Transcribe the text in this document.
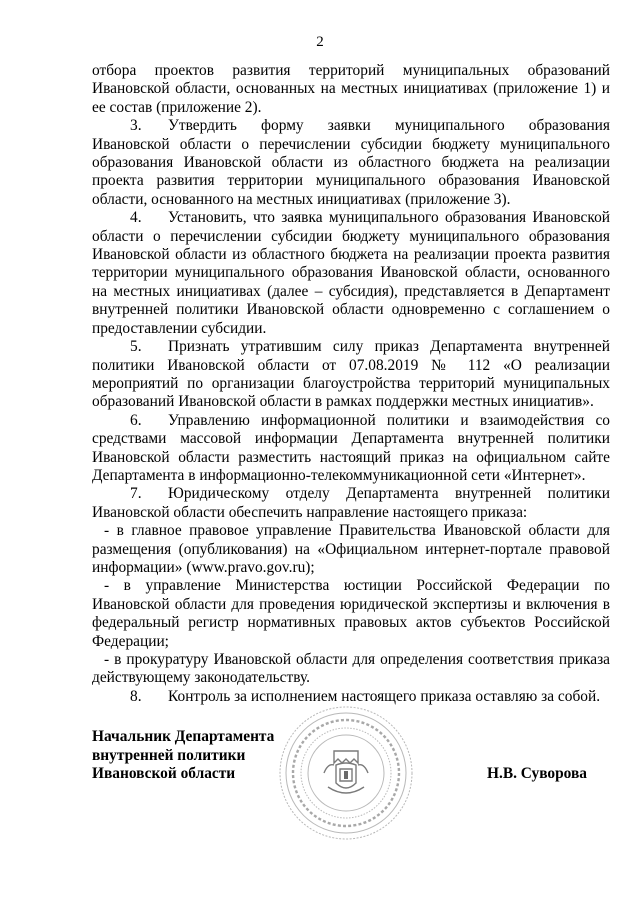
2

отбора проектов развития территорий муниципальных образований Ивановской области, основанных на местных инициативах (приложение 1) и ее состав (приложение 2).

3. Утвердить форму заявки муниципального образования Ивановской области о перечислении субсидии бюджету муниципального образования Ивановской области из областного бюджета на реализации проекта развития территории муниципального образования Ивановской области, основанного на местных инициативах (приложение 3).

4. Установить, что заявка муниципального образования Ивановской области о перечислении субсидии бюджету муниципального образования Ивановской области из областного бюджета на реализации проекта развития территории муниципального образования Ивановской области, основанного на местных инициативах (далее – субсидия), представляется в Департамент внутренней политики Ивановской области одновременно с соглашением о предоставлении субсидии.

5. Признать утратившим силу приказ Департамента внутренней политики Ивановской области от 07.08.2019 № 112 «О реализации мероприятий по организации благоустройства территорий муниципальных образований Ивановской области в рамках поддержки местных инициатив».

6. Управлению информационной политики и взаимодействия со средствами массовой информации Департамента внутренней политики Ивановской области разместить настоящий приказ на официальном сайте Департамента в информационно-телекоммуникационной сети «Интернет».

7. Юридическому отделу Департамента внутренней политики Ивановской области обеспечить направление настоящего приказа:

- в главное правовое управление Правительства Ивановской области для размещения (опубликования) на «Официальном интернет-портале правовой информации» (www.pravo.gov.ru);

- в управление Министерства юстиции Российской Федерации по Ивановской области для проведения юридической экспертизы и включения в федеральный регистр нормативных правовых актов субъектов Российской Федерации;

- в прокуратуру Ивановской области для определения соответствия приказа действующему законодательству.

8. Контроль за исполнением настоящего приказа оставляю за собой.

Начальник Департамента
внутренней политики
Ивановской области	Н.В. Суворова
